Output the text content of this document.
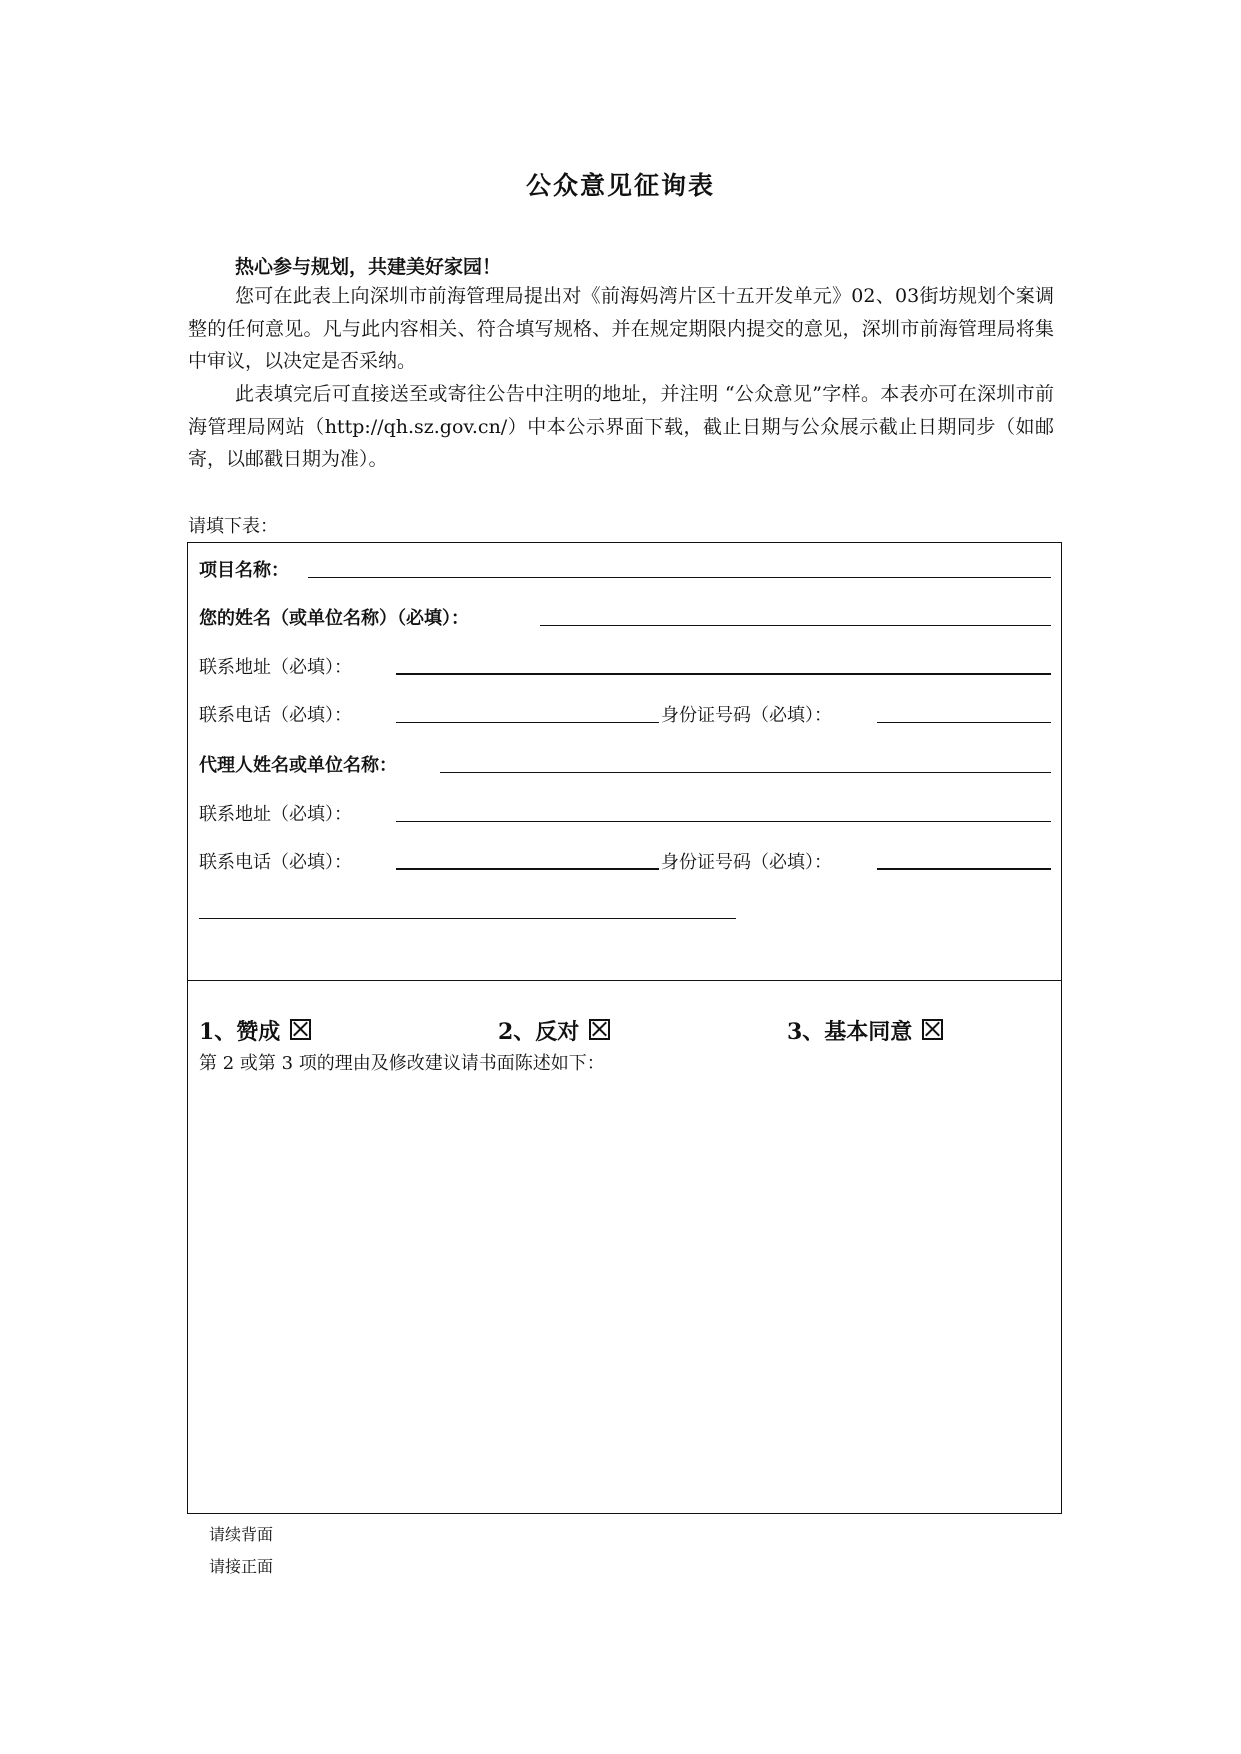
公众意见征询表
热心参与规划，共建美好家园！
您可在此表上向深圳市前海管理局提出对《前海妈湾片区十五开发单元》02、03街坊规划个案调整的任何意见。凡与此内容相关、符合填写规格、并在规定期限内提交的意见，深圳市前海管理局将集中审议，以决定是否采纳。
此表填完后可直接送至或寄往公告中注明的地址，并注明 “公众意见”字样。本表亦可在深圳市前海管理局网站（http://qh.sz.gov.cn/）中本公示界面下载，截止日期与公众展示截止日期同步（如邮寄，以邮戳日期为准）。
请填下表：
项目名称：
您的姓名（或单位名称）（必填）：
联系地址（必填）：
联系电话（必填）：	身份证号码（必填）：
代理人姓名或单位名称：
联系地址（必填）：
联系电话（必填）：	身份证号码（必填）：
1、赞成	2、反对	3、基本同意
第 2 或第 3 项的理由及修改建议请书面陈述如下：
请续背面
请接正面
